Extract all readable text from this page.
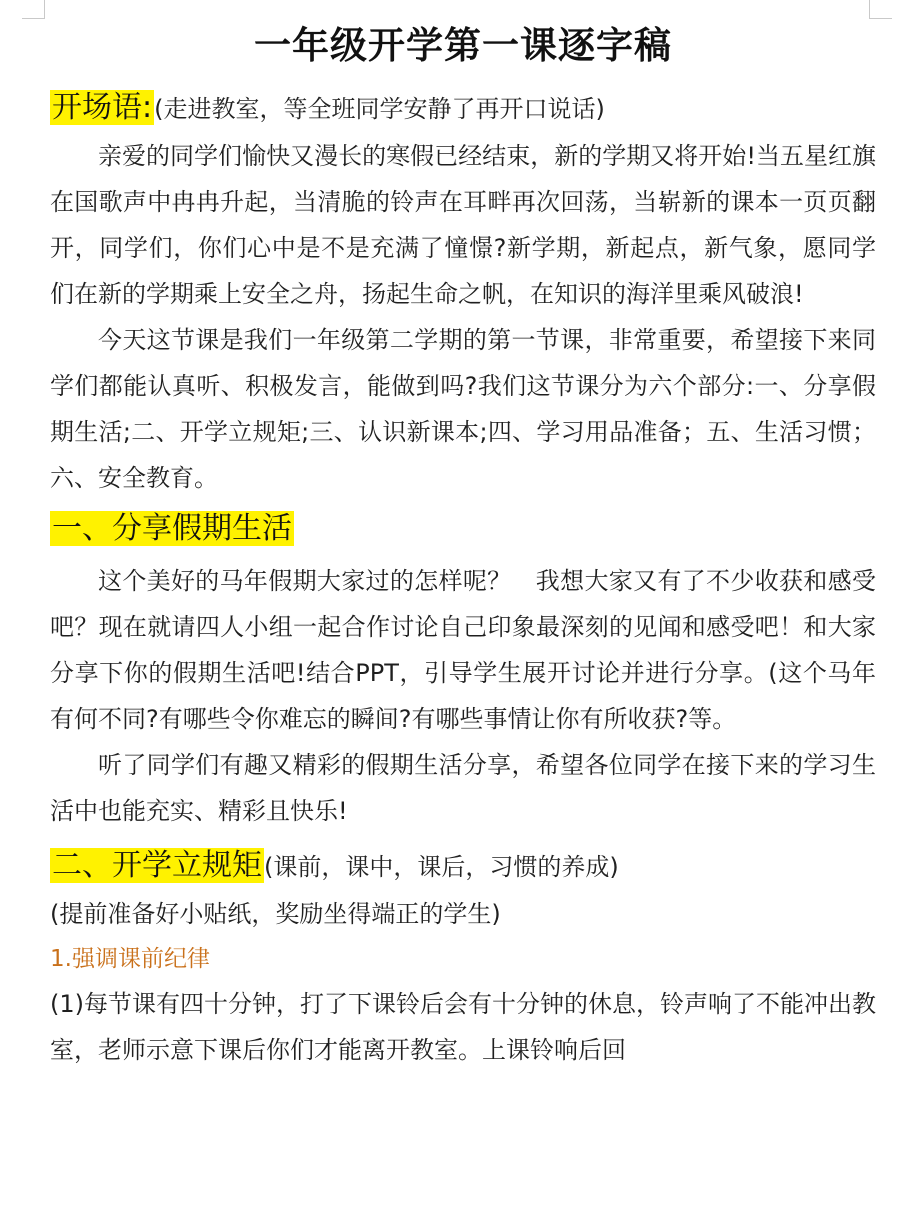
一年级开学第一课逐字稿

开场语:(走进教室，等全班同学安静了再开口说话)

亲爱的同学们愉快又漫长的寒假已经结束，新的学期又将开始!当五星红旗在国歌声中冉冉升起，当清脆的铃声在耳畔再次回荡，当崭新的课本一页页翻开，同学们，你们心中是不是充满了憧憬?新学期，新起点，新气象，愿同学们在新的学期乘上安全之舟，扬起生命之帆，在知识的海洋里乘风破浪!

今天这节课是我们一年级第二学期的第一节课，非常重要，希望接下来同学们都能认真听、积极发言，能做到吗?我们这节课分为六个部分:一、分享假期生活;二、开学立规矩;三、认识新课本;四、学习用品准备；五、生活习惯；六、安全教育。

一、分享假期生活

这个美好的马年假期大家过的怎样呢？　我想大家又有了不少收获和感受吧？现在就请四人小组一起合作讨论自己印象最深刻的见闻和感受吧！和大家分享下你的假期生活吧!结合PPT，引导学生展开讨论并进行分享。(这个马年有何不同?有哪些令你难忘的瞬间?有哪些事情让你有所收获?等。

听了同学们有趣又精彩的假期生活分享，希望各位同学在接下来的学习生活中也能充实、精彩且快乐!

二、开学立规矩(课前，课中，课后，习惯的养成)

(提前准备好小贴纸，奖励坐得端正的学生)

1.强调课前纪律

(1)每节课有四十分钟，打了下课铃后会有十分钟的休息，铃声响了不能冲出教室，老师示意下课后你们才能离开教室。上课铃响后回
